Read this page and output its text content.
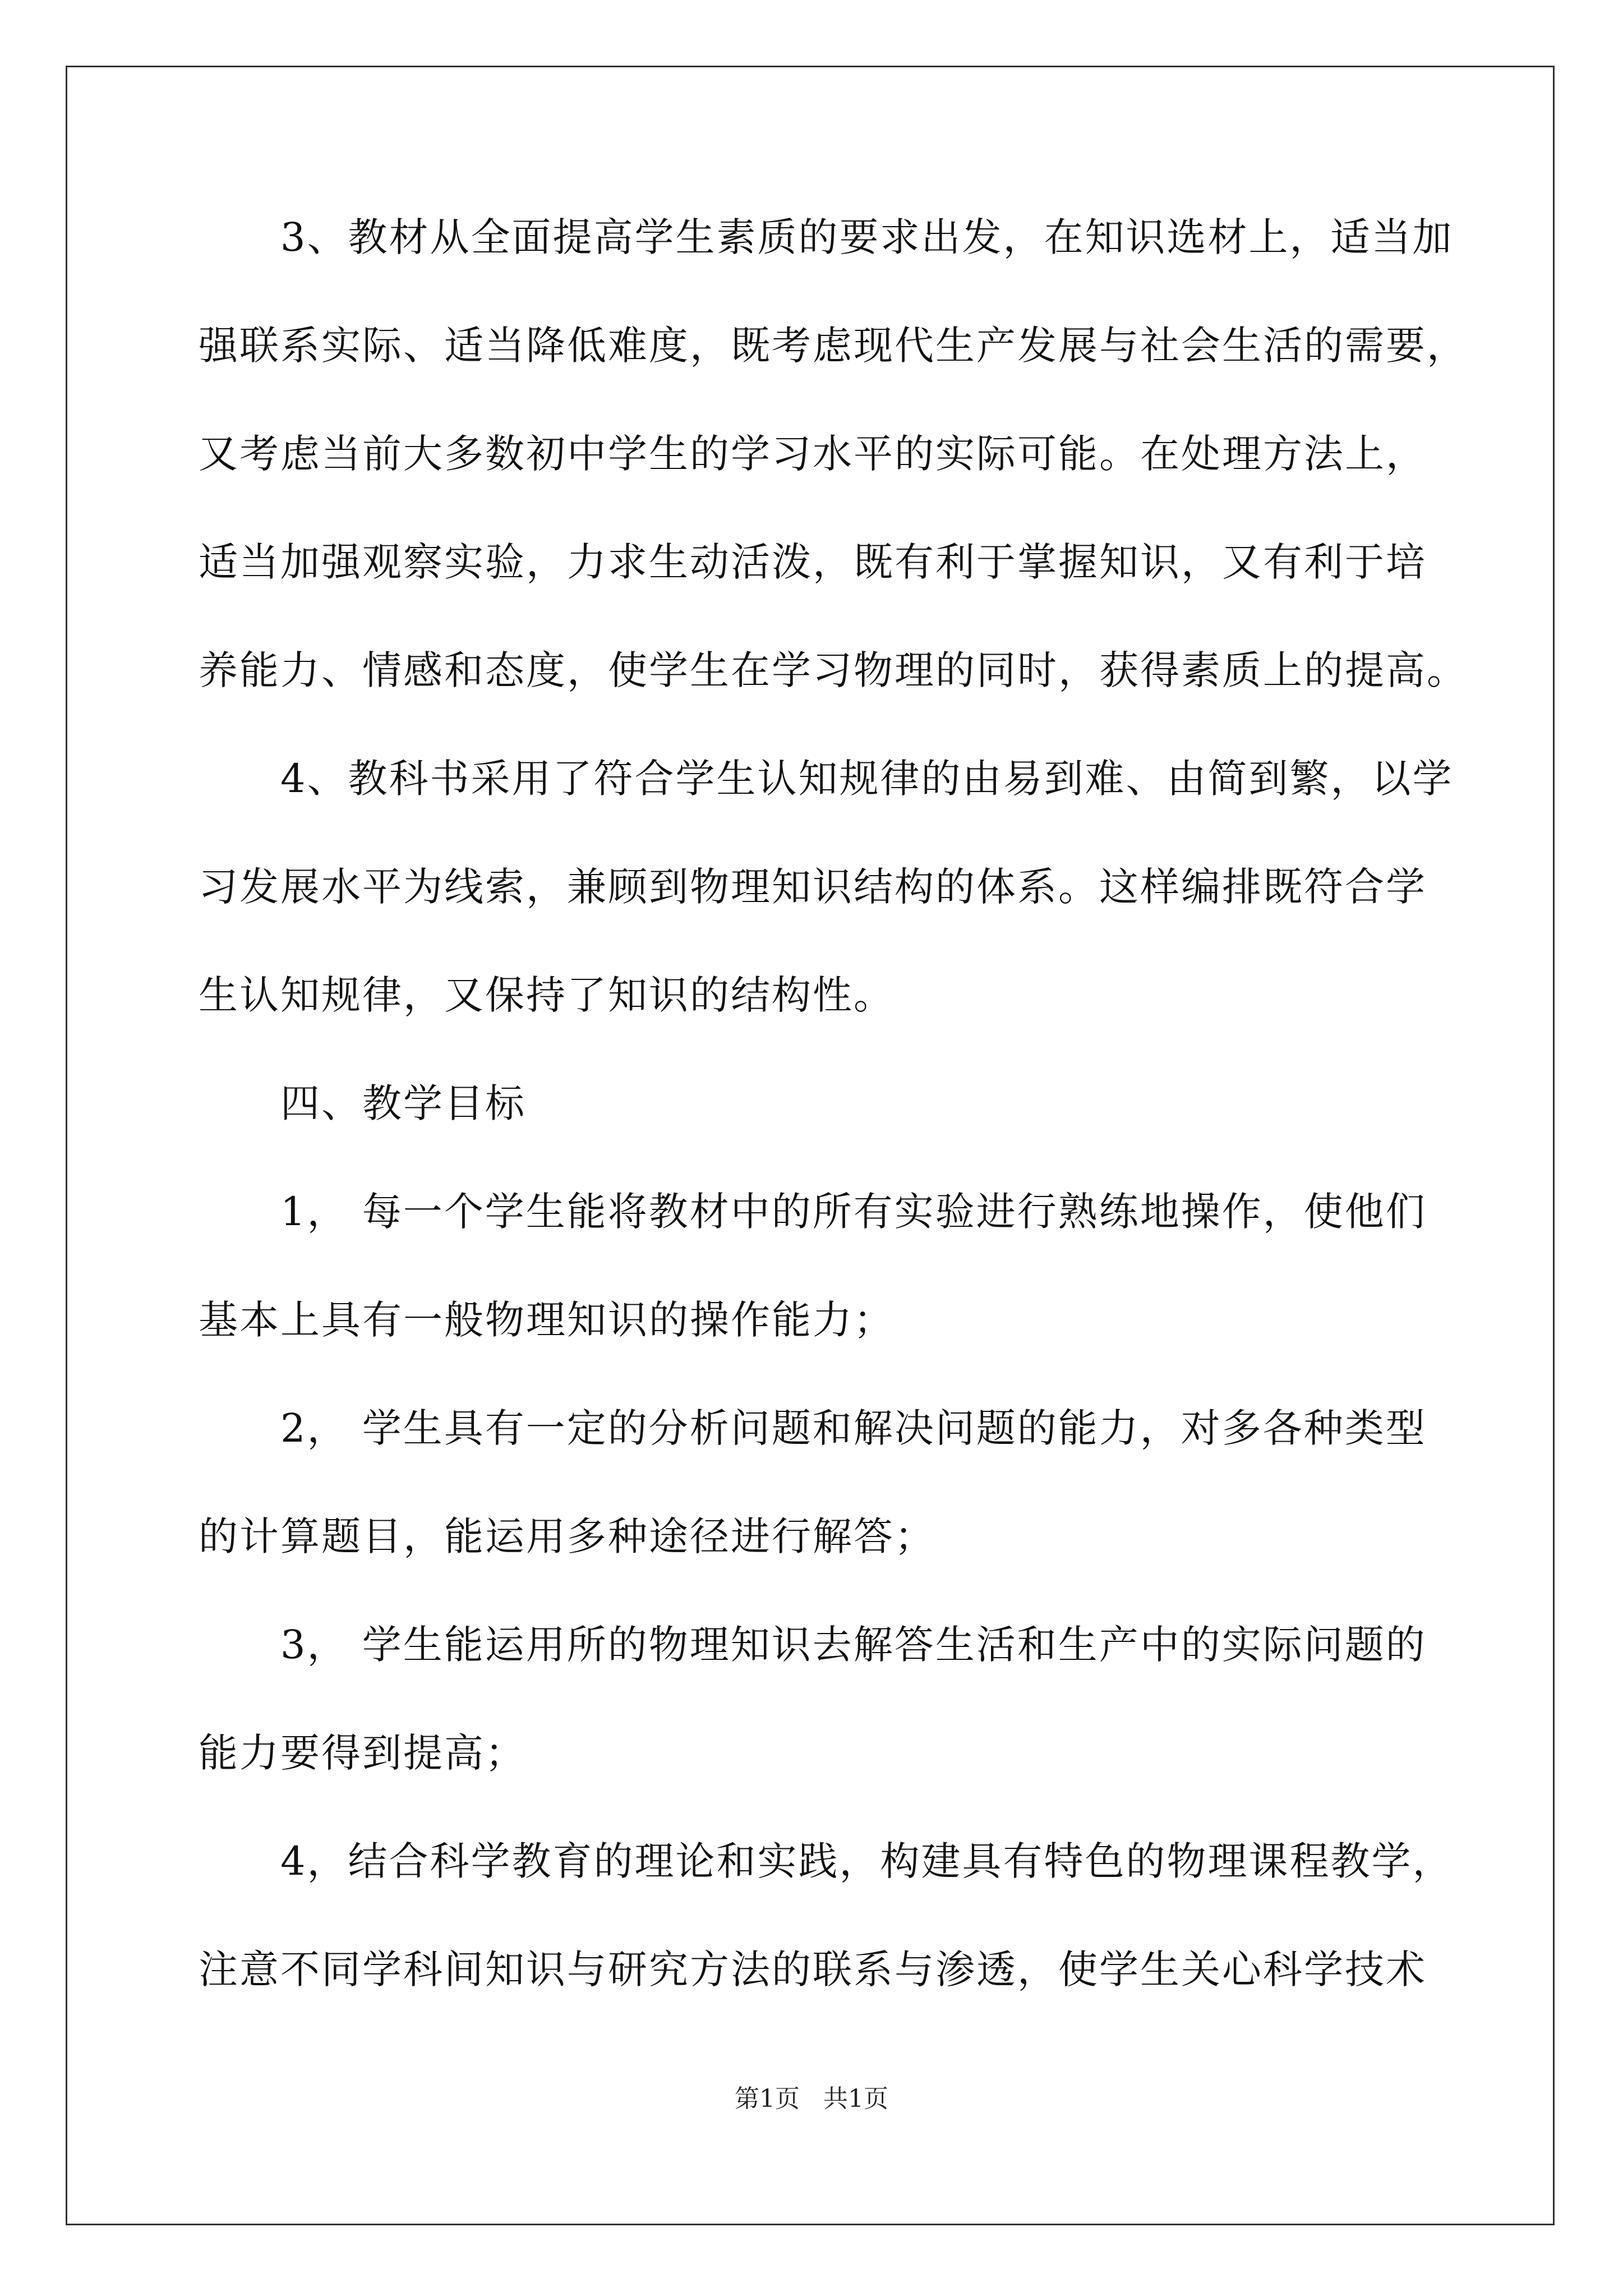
3、教材从全面提高学生素质的要求出发，在知识选材上，适当加
强联系实际、适当降低难度，既考虑现代生产发展与社会生活的需要，
又考虑当前大多数初中学生的学习水平的实际可能。在处理方法上，
适当加强观察实验，力求生动活泼，既有利于掌握知识，又有利于培
养能力、情感和态度，使学生在学习物理的同时，获得素质上的提高。
4、教科书采用了符合学生认知规律的由易到难、由简到繁，以学
习发展水平为线索，兼顾到物理知识结构的体系。这样编排既符合学
生认知规律，又保持了知识的结构性。
四、教学目标
1， 每一个学生能将教材中的所有实验进行熟练地操作，使他们
基本上具有一般物理知识的操作能力；
2， 学生具有一定的分析问题和解决问题的能力，对多各种类型
的计算题目，能运用多种途径进行解答；
3， 学生能运用所的物理知识去解答生活和生产中的实际问题的
能力要得到提高；
4，结合科学教育的理论和实践，构建具有特色的物理课程教学，
注意不同学科间知识与研究方法的联系与渗透，使学生关心科学技术
第1页   共1页
